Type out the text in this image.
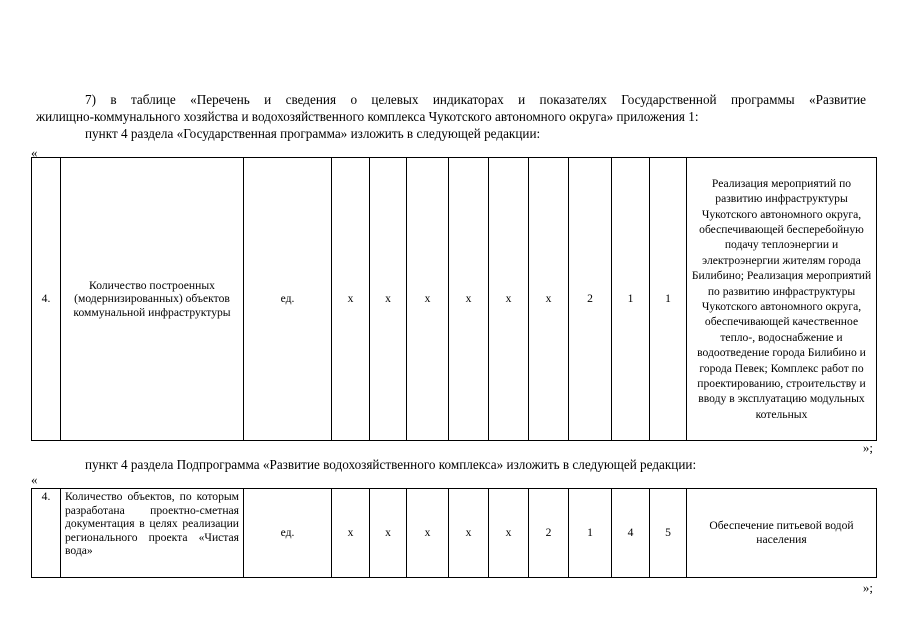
7) в таблице «Перечень и сведения о целевых индикаторах и показателях Государственной программы «Развитие
жилищно-коммунального хозяйства и водохозяйственного комплекса Чукотского автономного округа» приложения 1:
пункт 4 раздела «Государственная программа» изложить в следующей редакции:
«
4.	Количество построенных (модернизированных) объектов коммунальной инфраструктуры	ед.	х	х	х	х	х	х	2	1	1	Реализация мероприятий по развитию инфраструктуры Чукотского автономного округа, обеспечивающей бесперебойную подачу теплоэнергии и электроэнергии жителям города Билибино; Реализация мероприятий по развитию инфраструктуры Чукотского автономного округа, обеспечивающей качественное тепло-, водоснабжение и водоотведение города Билибино и города Певек; Комплекс работ по проектированию, строительству и вводу в эксплуатацию модульных котельных
»;
пункт 4 раздела Подпрограмма «Развитие водохозяйственного комплекса» изложить в следующей редакции:
«
4.	Количество объектов, по которым разработана проектно-сметная документация в целях реализации регионального проекта «Чистая вода»	ед.	х	х	х	х	х	2	1	4	5	Обеспечение питьевой водой населения
»;
